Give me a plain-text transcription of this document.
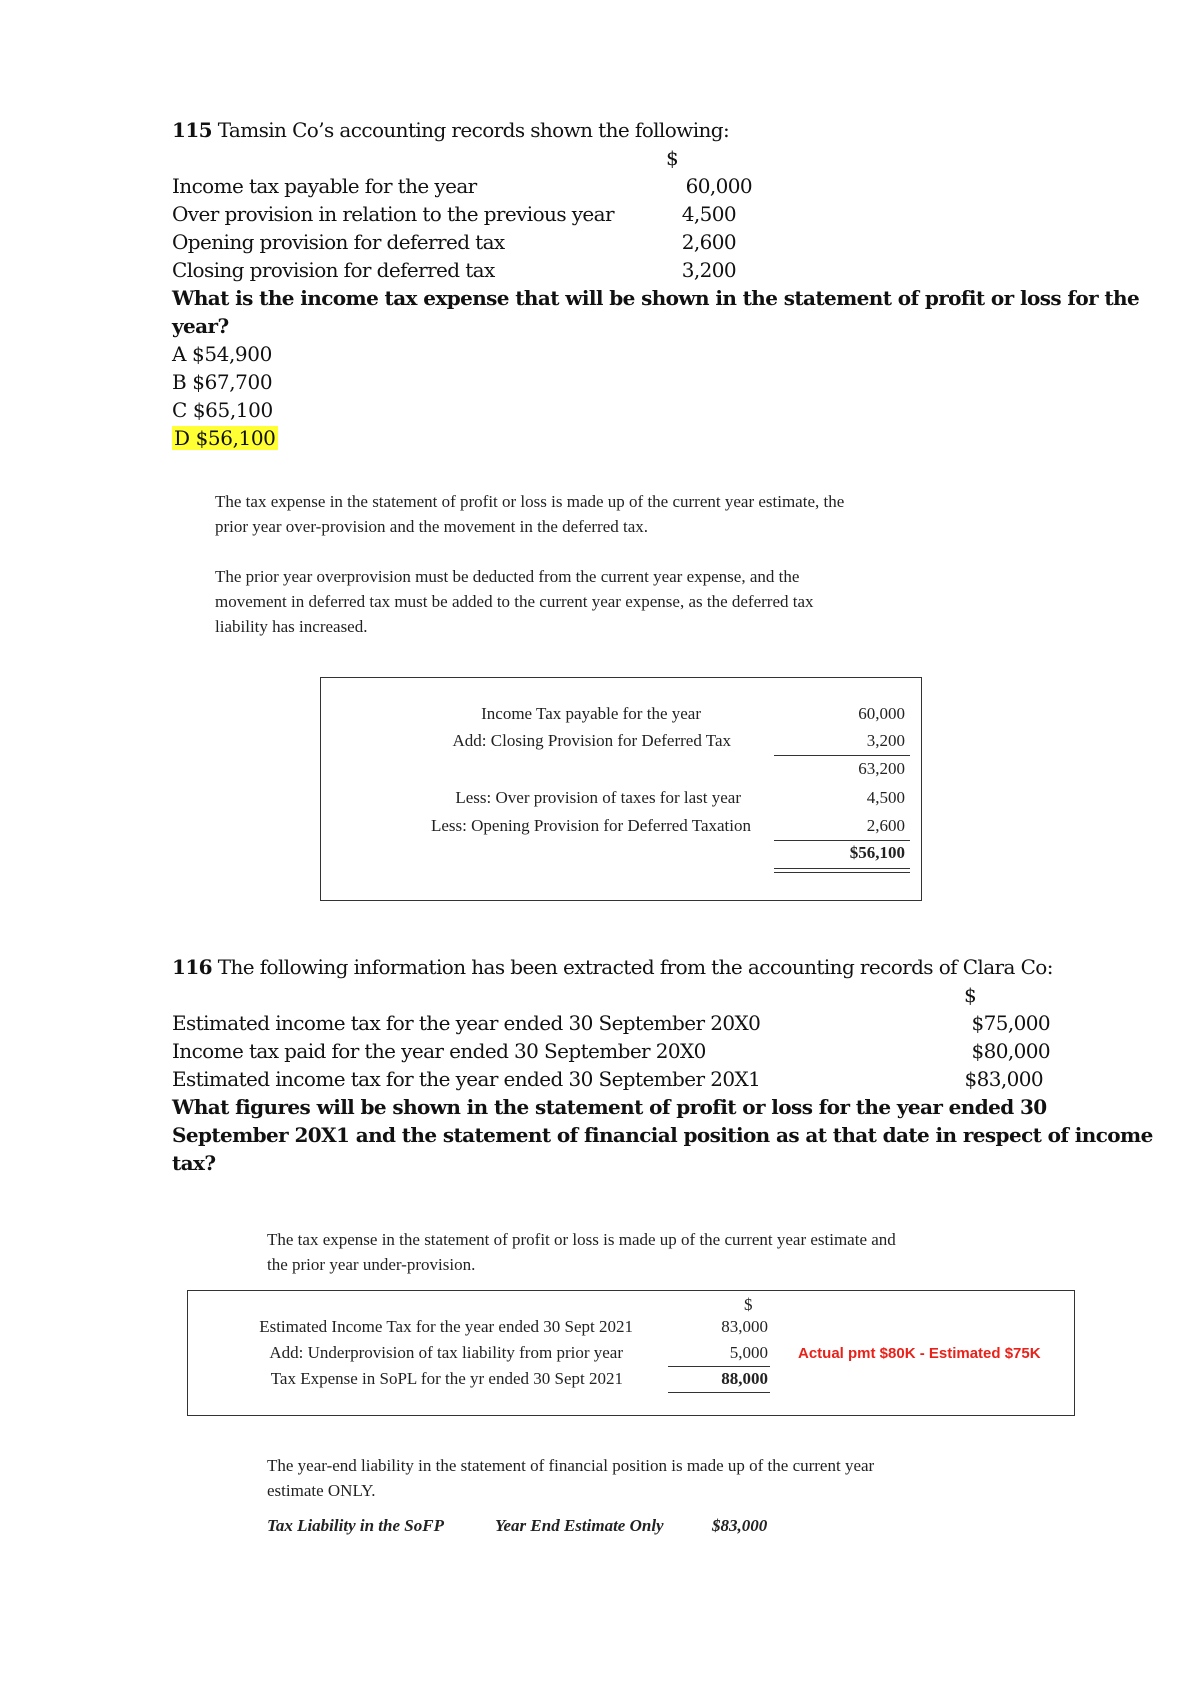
115 Tamsin Co’s accounting records shown the following:
$
Income tax payable for the year	60,000
Over provision in relation to the previous year	4,500
Opening provision for deferred tax	2,600
Closing provision for deferred tax	3,200
What is the income tax expense that will be shown in the statement of profit or loss for the
year?
A $54,900
B $67,700
C $65,100
D $56,100
The tax expense in the statement of profit or loss is made up of the current year estimate, the
prior year over-provision and the movement in the deferred tax.
The prior year overprovision must be deducted from the current year expense, and the
movement in deferred tax must be added to the current year expense, as the deferred tax
liability has increased.
Income Tax payable for the year	60,000
Add: Closing Provision for Deferred Tax	3,200
63,200
Less: Over provision of taxes for last year	4,500
Less: Opening Provision for Deferred Taxation	2,600
$56,100
116 The following information has been extracted from the accounting records of Clara Co:
$
Estimated income tax for the year ended 30 September 20X0	$75,000
Income tax paid for the year ended 30 September 20X0	$80,000
Estimated income tax for the year ended 30 September 20X1	$83,000
What figures will be shown in the statement of profit or loss for the year ended 30
September 20X1 and the statement of financial position as at that date in respect of income
tax?
The tax expense in the statement of profit or loss is made up of the current year estimate and
the prior year under-provision.
$
Estimated Income Tax for the year ended 30 Sept 2021	83,000
Add: Underprovision of tax liability from prior year	5,000 Actual pmt $80K - Estimated $75K
Tax Expense in SoPL for the yr ended 30 Sept 2021	88,000
The year-end liability in the statement of financial position is made up of the current year
estimate ONLY.
Tax Liability in the SoFP	Year End Estimate Only	$83,000
